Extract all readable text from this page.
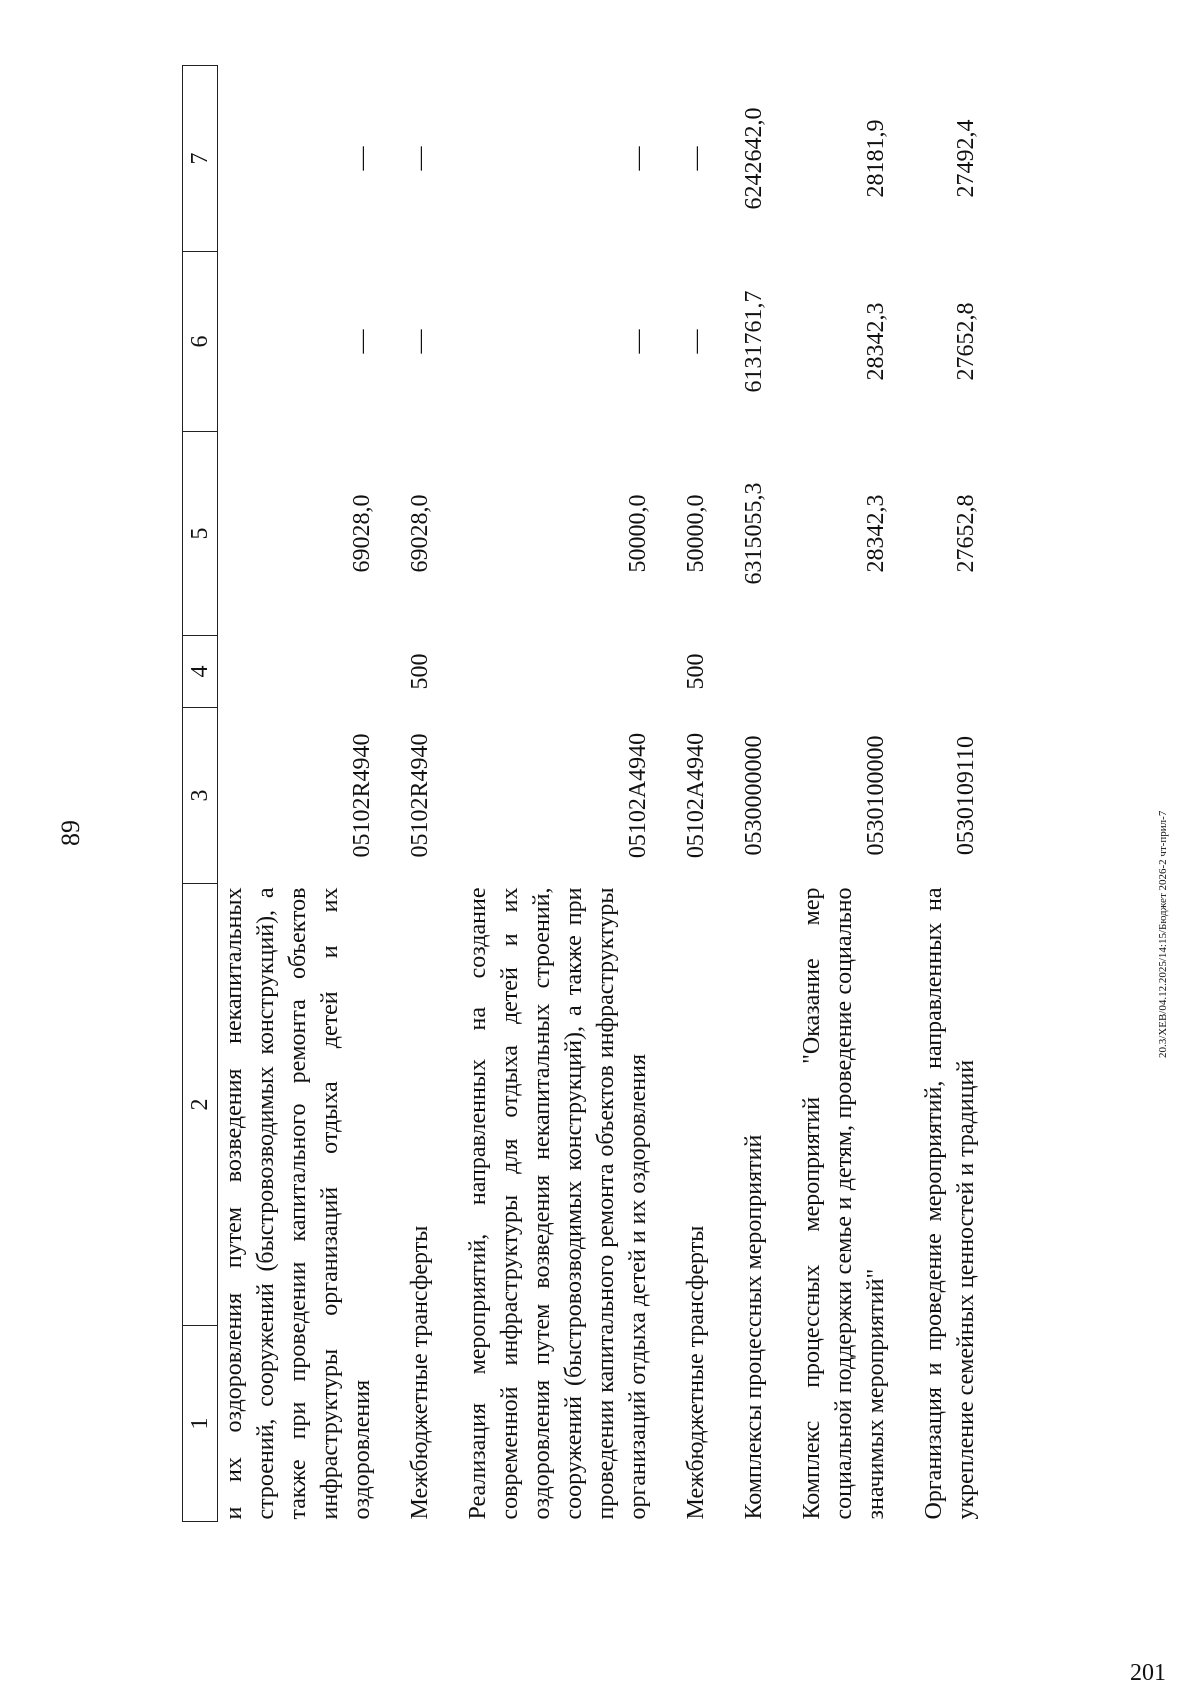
89
1	2	3	4	5	6	7
и их оздоровления путем возведения некапитальных строений, сооружений (быстровозводимых конструкций), а также при проведении капитального ремонта объектов инфраструктуры организаций отдыха детей и их оздоровления		05102R4940		69028,0	—	—

Межбюджетные трансферты		05102R4940	500	69028,0	—	—

Реализация мероприятий, направленных на создание современной инфраструктуры для отдыха детей и их оздоровления путем возведения некапитальных строений, сооружений (быстровозводимых конструкций), а также при проведении капитального ремонта объектов инфраструктуры организаций отдыха детей и их оздоровления		05102А4940		50000,0	—	—

Межбюджетные трансферты		05102А4940	500	50000,0	—	—

Комплексы процессных мероприятий		0530000000		6315055,3	6131761,7	6242642,0

Комплекс процессных мероприятий "Оказание мер социальной поддержки семье и детям, проведение социально значимых мероприятий"		0530100000		28342,3	28342,3	28181,9

Организация и проведение мероприятий, направленных на укрепление семейных ценностей и традиций		0530109110		27652,8	27652,8	27492,4
20.3/ХЕВ/04.12.2025/14:15/Бюджет 2026-2 чт-прил-7
201
